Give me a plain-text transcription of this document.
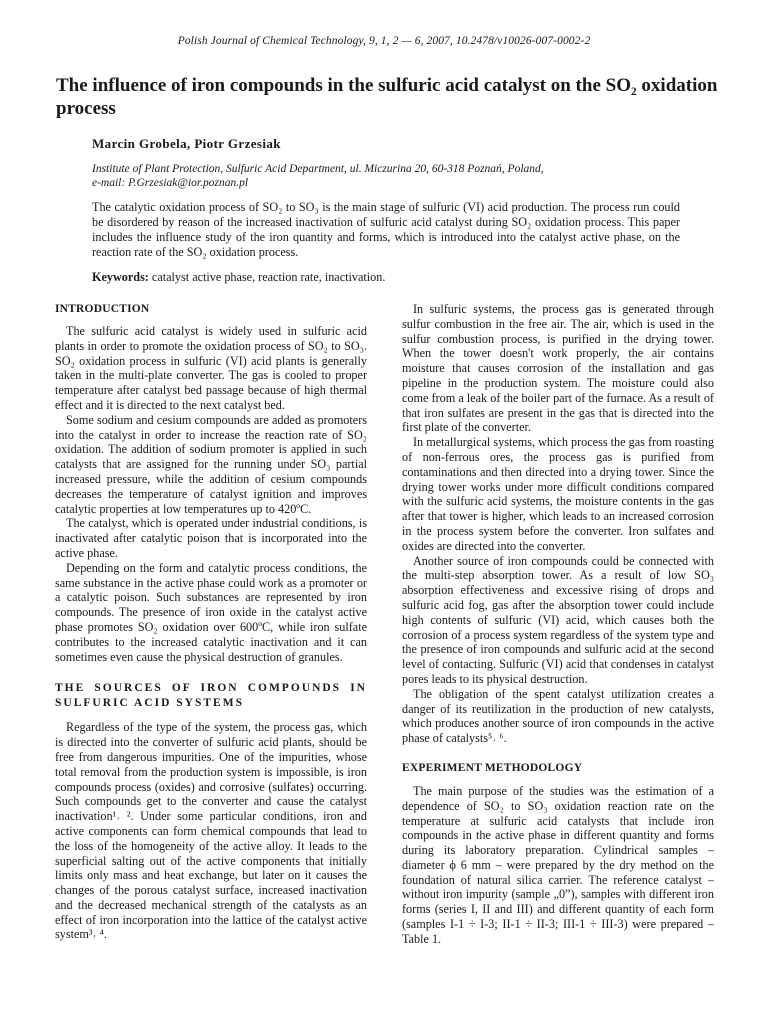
Polish Journal of Chemical Technology, 9, 1, 2 — 6, 2007, 10.2478/v10026-007-0002-2
The influence of iron compounds in the sulfuric acid catalyst on the SO₂ oxidation process
Marcin Grobela, Piotr Grzesiak
Institute of Plant Protection, Sulfuric Acid Department, ul. Miczurina 20, 60-318 Poznań, Poland,
e-mail: P.Grzesiak@ior.poznan.pl

The catalytic oxidation process of SO₂ to SO₃ is the main stage of sulfuric (VI) acid production. The process run could be disordered by reason of the increased inactivation of sulfuric acid catalyst during SO₂ oxidation process. This paper includes the influence study of the iron quantity and forms, which is introduced into the catalyst active phase, on the reaction rate of the SO₂ oxidation process.

Keywords: catalyst active phase, reaction rate, inactivation.

INTRODUCTION

The sulfuric acid catalyst is widely used in sulfuric acid plants in order to promote the oxidation process of SO₂ to SO₃. SO₂ oxidation process in sulfuric (VI) acid plants is generally taken in the multi-plate converter. The gas is cooled to proper temperature after catalyst bed passage because of high thermal effect and it is directed to the next catalyst bed.

Some sodium and cesium compounds are added as promoters into the catalyst in order to increase the reaction rate of SO₂ oxidation. The addition of sodium promoter is applied in such catalysts that are assigned for the running under SO₃ partial increased pressure, while the addition of cesium compounds decreases the temperature of catalyst ignition and improves catalytic properties at low temperatures up to 420ºC.

The catalyst, which is operated under industrial conditions, is inactivated after catalytic poison that is incorporated into the active phase.

Depending on the form and catalytic process conditions, the same substance in the active phase could work as a promoter or a catalytic poison. Such substances are represented by iron compounds. The presence of iron oxide in the catalyst active phase promotes SO₂ oxidation over 600ºC, while iron sulfate contributes to the increased catalytic inactivation and it can sometimes even cause the physical destruction of granules.

THE SOURCES OF IRON COMPOUNDS IN SULFURIC ACID SYSTEMS

Regardless of the type of the system, the process gas, which is directed into the converter of sulfuric acid plants, should be free from dangerous impurities. One of the impurities, whose total removal from the production system is impossible, is iron compounds process (oxides) and corrosive (sulfates) occurring. Such compounds get to the converter and cause the catalyst inactivation¹˒ ². Under some particular conditions, iron and active components can form chemical compounds that lead to the loss of the homogeneity of the active alloy. It leads to the superficial salting out of the active components that initially limits only mass and heat exchange, but later on it causes the changes of the porous catalyst surface, increased inactivation and the decreased mechanical strength of the catalysts as an effect of iron incorporation into the lattice of the catalyst active system³˒ ⁴.

In sulfuric systems, the process gas is generated through sulfur combustion in the free air. The air, which is used in the sulfur combustion process, is purified in the drying tower. When the tower doesn't work properly, the air contains moisture that causes corrosion of the installation and gas pipeline in the production system. The moisture could also come from a leak of the boiler part of the furnace. As a result of that iron sulfates are present in the gas that is directed into the first plate of the converter.

In metallurgical systems, which process the gas from roasting of non-ferrous ores, the process gas is purified from contaminations and then directed into a drying tower. Since the drying tower works under more difficult conditions compared with the sulfuric acid systems, the moisture contents in the gas after that tower is higher, which leads to an increased corrosion in the process system before the converter. Iron sulfates and oxides are directed into the converter.

Another source of iron compounds could be connected with the multi-step absorption tower. As a result of low SO₃ absorption effectiveness and excessive rising of drops and sulfuric acid fog, gas after the absorption tower could include high contents of sulfuric (VI) acid, which causes both the corrosion of a process system regardless of the system type and the presence of iron compounds and sulfuric acid at the second level of contacting. Sulfuric (VI) acid that condenses in catalyst pores leads to its physical destruction.

The obligation of the spent catalyst utilization creates a danger of its reutilization in the production of new catalysts, which produces another source of iron compounds in the active phase of catalysts⁵˒ ⁶.

EXPERIMENT METHODOLOGY

The main purpose of the studies was the estimation of a dependence of SO₂ to SO₃ oxidation reaction rate on the temperature at sulfuric acid catalysts that include iron compounds in the active phase in different quantity and forms during its laboratory preparation. Cylindrical samples – diameter ϕ 6 mm – were prepared by the dry method on the foundation of natural silica carrier. The reference catalyst – without iron impurity (sample „0”), samples with different iron forms (series I, II and III) and different quantity of each form (samples I-1 ÷ I-3; II-1 ÷ II-3; III-1 ÷ III-3) were prepared – Table 1.
